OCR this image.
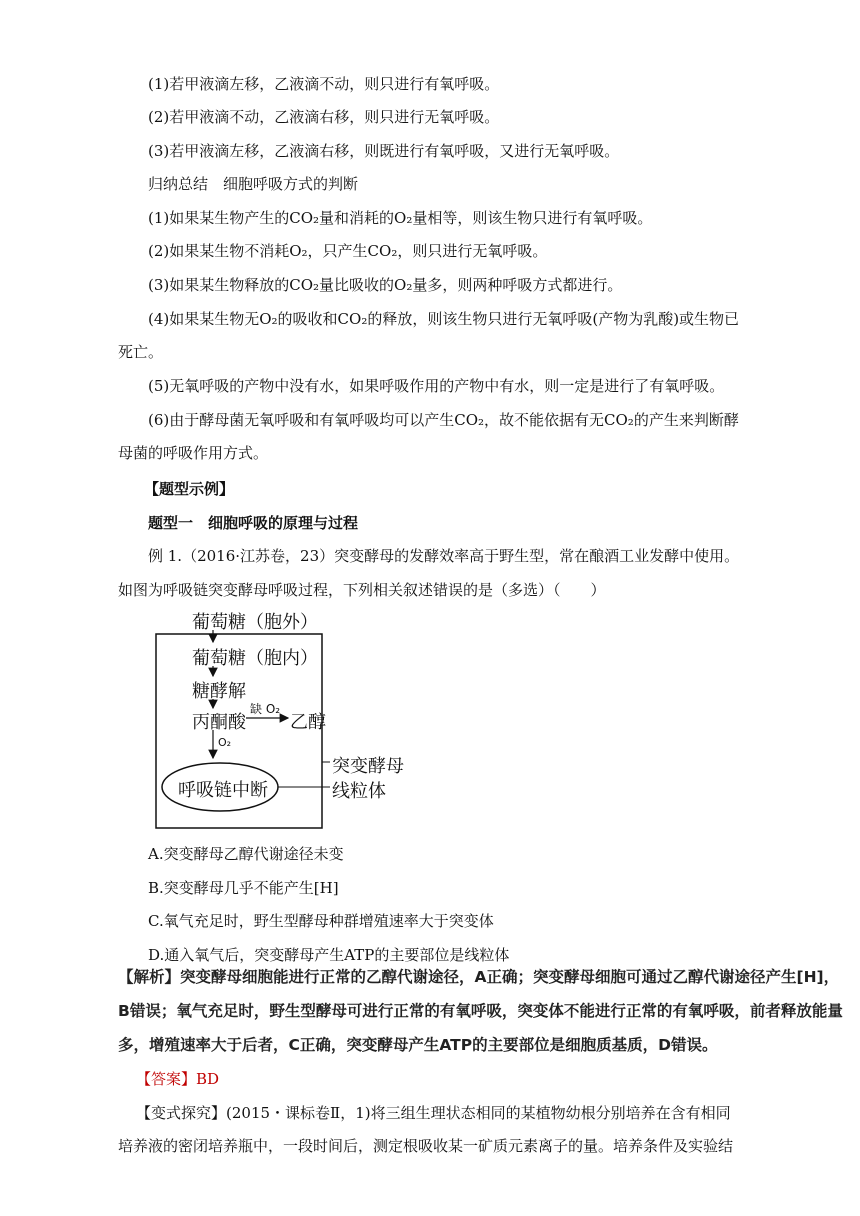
(1)若甲液滴左移，乙液滴不动，则只进行有氧呼吸。
(2)若甲液滴不动，乙液滴右移，则只进行无氧呼吸。
(3)若甲液滴左移，乙液滴右移，则既进行有氧呼吸，又进行无氧呼吸。
归纳总结　细胞呼吸方式的判断
(1)如果某生物产生的CO₂量和消耗的O₂量相等，则该生物只进行有氧呼吸。
(2)如果某生物不消耗O₂，只产生CO₂，则只进行无氧呼吸。
(3)如果某生物释放的CO₂量比吸收的O₂量多，则两种呼吸方式都进行。
(4)如果某生物无O₂的吸收和CO₂的释放，则该生物只进行无氧呼吸(产物为乳酸)或生物已
死亡。
(5)无氧呼吸的产物中没有水，如果呼吸作用的产物中有水，则一定是进行了有氧呼吸。
(6)由于酵母菌无氧呼吸和有氧呼吸均可以产生CO₂，故不能依据有无CO₂的产生来判断酵
母菌的呼吸作用方式。
【题型示例】
题型一　细胞呼吸的原理与过程
例 1.（2016·江苏卷，23）突变酵母的发酵效率高于野生型，常在酿酒工业发酵中使用。
如图为呼吸链突变酵母呼吸过程，下列相关叙述错误的是（多选）（　　）
葡萄糖（胞外）
葡萄糖（胞内）
糖酵解
丙酮酸
缺 O₂
乙醇
O₂
呼吸链中断
突变酵母
线粒体
A.突变酵母乙醇代谢途径未变
B.突变酵母几乎不能产生[H]
C.氧气充足时，野生型酵母种群增殖速率大于突变体
D.通入氧气后，突变酵母产生ATP的主要部位是线粒体
【解析】突变酵母细胞能进行正常的乙醇代谢途径，A正确；突变酵母细胞可通过乙醇代谢途径产生[H]，
B错误；氧气充足时，野生型酵母可进行正常的有氧呼吸，突变体不能进行正常的有氧呼吸，前者释放能量
多，增殖速率大于后者，C正确，突变酵母产生ATP的主要部位是细胞质基质，D错误。
【答案】BD
【变式探究】(2015・课标卷Ⅱ，1)将三组生理状态相同的某植物幼根分别培养在含有相同
培养液的密闭培养瓶中，一段时间后，测定根吸收某一矿质元素离子的量。培养条件及实验结
